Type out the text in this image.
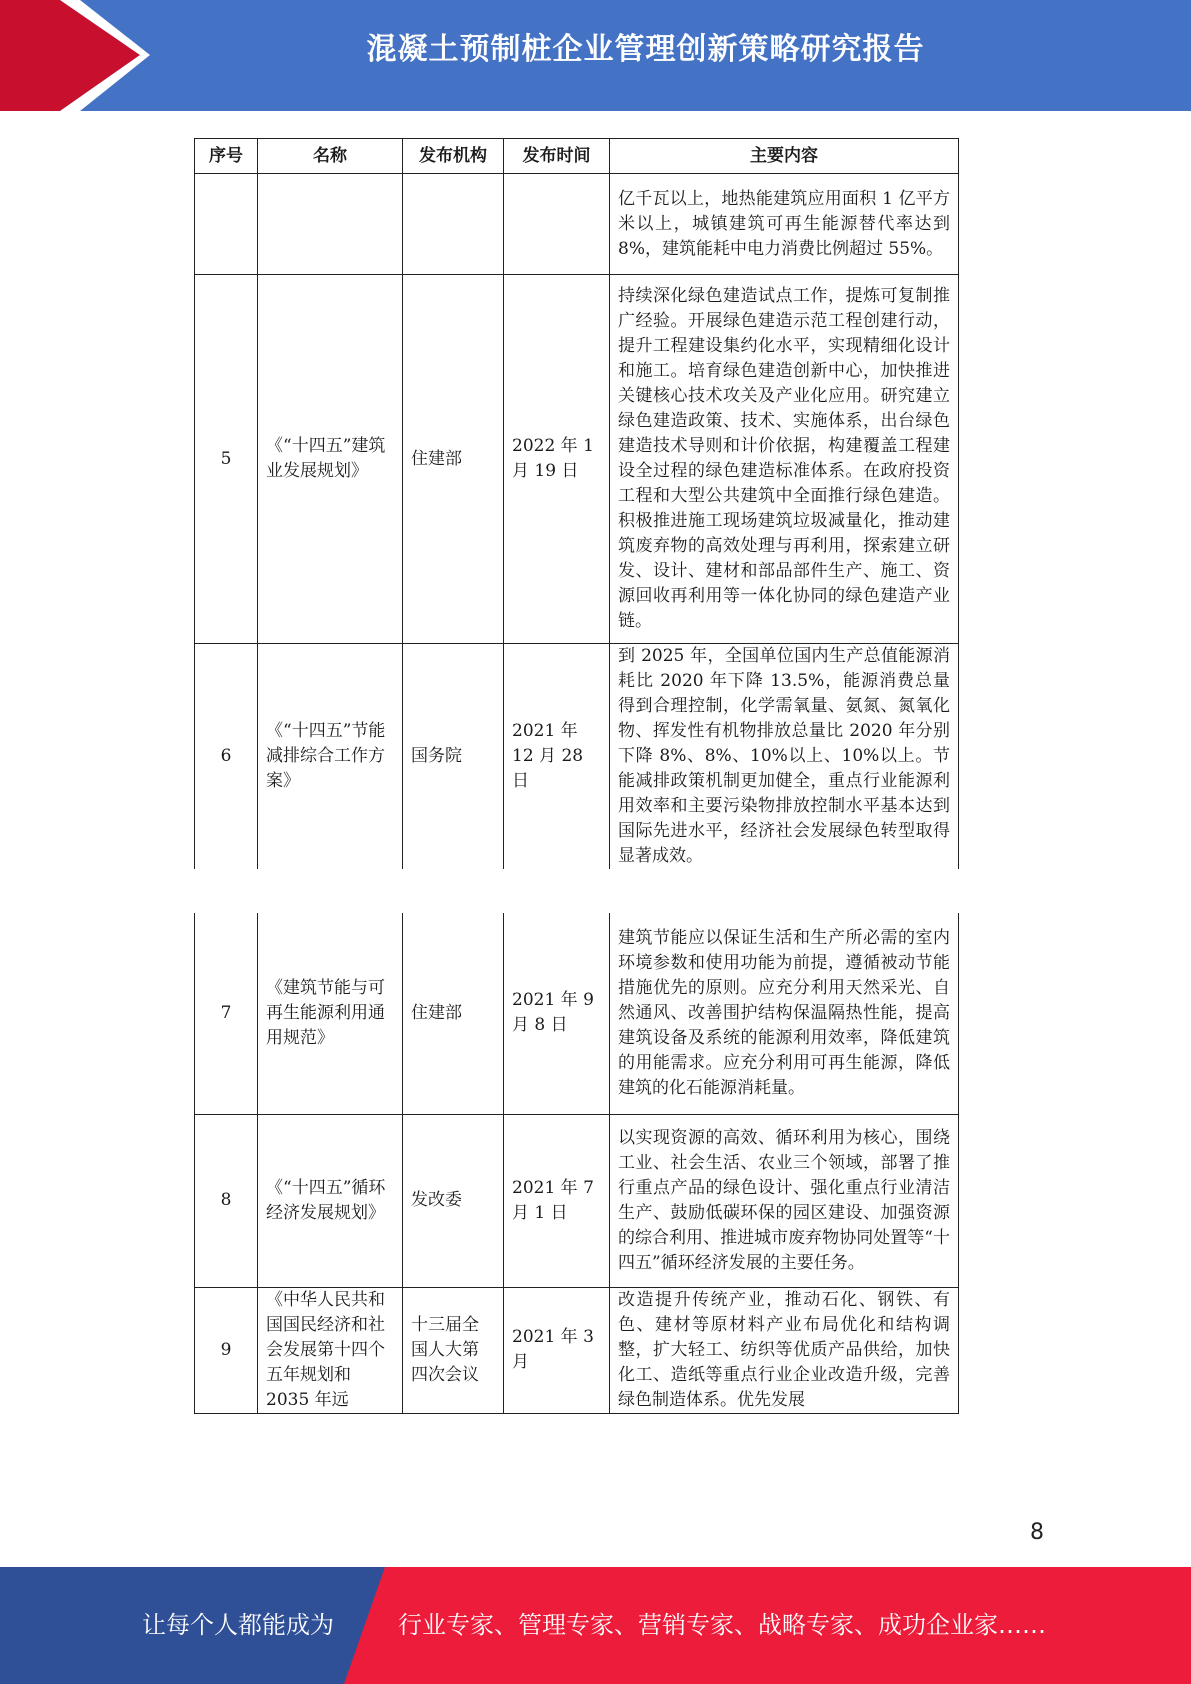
混凝土预制桩企业管理创新策略研究报告
序号	名称	发布机构	发布时间	主要内容
				亿千瓦以上，地热能建筑应用面积 1 亿平方米以上，城镇建筑可再生能源替代率达到 8%，建筑能耗中电力消费比例超过 55%。
5	《“十四五”建筑业发展规划》	住建部	2022 年 1 月 19 日	持续深化绿色建造试点工作，提炼可复制推广经验。开展绿色建造示范工程创建行动，提升工程建设集约化水平，实现精细化设计和施工。培育绿色建造创新中心，加快推进关键核心技术攻关及产业化应用。研究建立绿色建造政策、技术、实施体系，出台绿色建造技术导则和计价依据，构建覆盖工程建设全过程的绿色建造标准体系。在政府投资工程和大型公共建筑中全面推行绿色建造。积极推进施工现场建筑垃圾减量化，推动建筑废弃物的高效处理与再利用，探索建立研发、设计、建材和部品部件生产、施工、资源回收再利用等一体化协同的绿色建造产业链。
6	《“十四五”节能减排综合工作方案》	国务院	2021 年 12 月 28 日	到 2025 年，全国单位国内生产总值能源消耗比 2020 年下降 13.5%，能源消费总量得到合理控制，化学需氧量、氨氮、氮氧化物、挥发性有机物排放总量比 2020 年分别下降 8%、8%、10%以上、10%以上。节能减排政策机制更加健全，重点行业能源利用效率和主要污染物排放控制水平基本达到国际先进水平，经济社会发展绿色转型取得显著成效。
7	《建筑节能与可再生能源利用通用规范》	住建部	2021 年 9 月 8 日	建筑节能应以保证生活和生产所必需的室内环境参数和使用功能为前提，遵循被动节能措施优先的原则。应充分利用天然采光、自然通风、改善围护结构保温隔热性能，提高建筑设备及系统的能源利用效率，降低建筑的用能需求。应充分利用可再生能源，降低建筑的化石能源消耗量。
8	《“十四五”循环经济发展规划》	发改委	2021 年 7 月 1 日	以实现资源的高效、循环利用为核心，围绕工业、社会生活、农业三个领域，部署了推行重点产品的绿色设计、强化重点行业清洁生产、鼓励低碳环保的园区建设、加强资源的综合利用、推进城市废弃物协同处置等“十四五”循环经济发展的主要任务。
9	《中华人民共和国国民经济和社会发展第十四个五年规划和 2035 年远	十三届全国人大第四次会议	2021 年 3 月	改造提升传统产业，推动石化、钢铁、有色、建材等原材料产业布局优化和结构调整，扩大轻工、纺织等优质产品供给，加快化工、造纸等重点行业企业改造升级，完善绿色制造体系。优先发展
8
让每个人都能成为	行业专家、管理专家、营销专家、战略专家、成功企业家……
